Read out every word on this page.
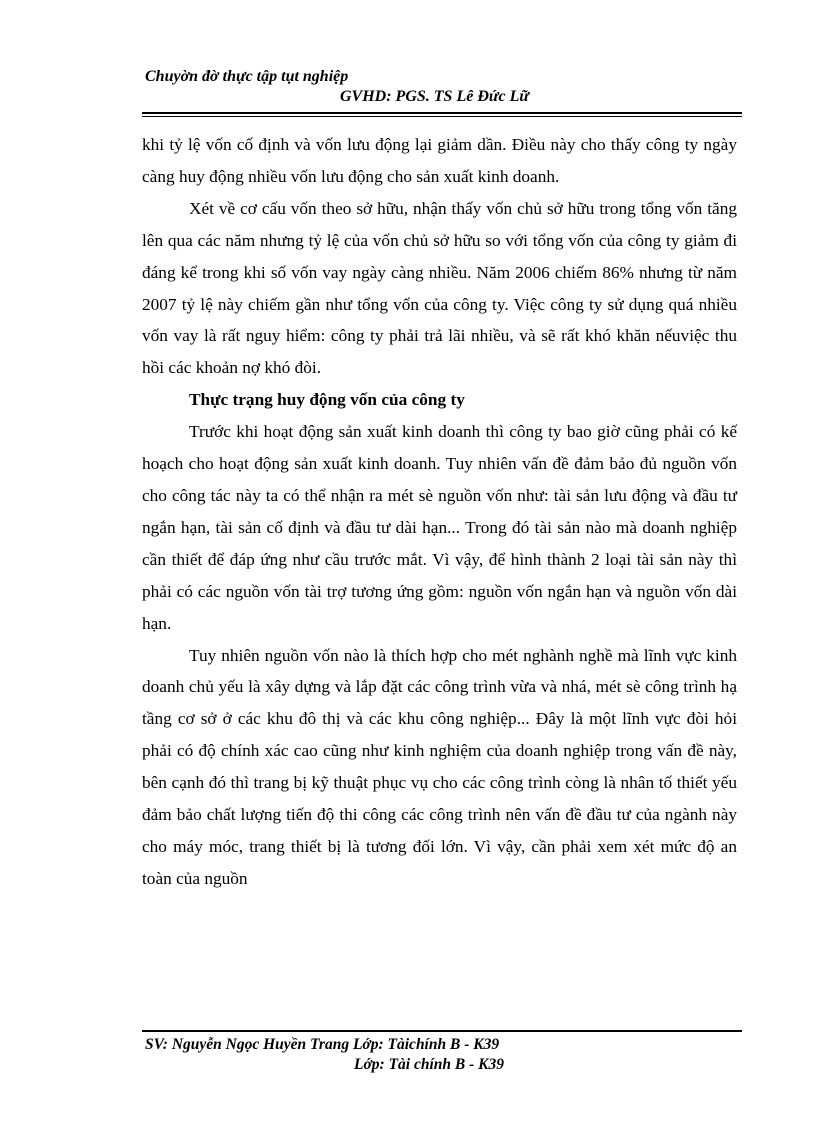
Chuyờn đờ thực tập tụt nghiệp
GVHD: PGS. TS Lê Đức Lữ

khi tỷ lệ vốn cố định và vốn lưu động lại giảm dần. Điều này cho thấy công ty ngày càng huy động nhiều vốn lưu động cho sản xuất kinh doanh.

Xét về cơ cấu vốn theo sở hữu, nhận thấy vốn chủ sở hữu trong tổng vốn tăng lên qua các năm nhưng tỷ lệ của vốn chủ sở hữu so với tổng vốn của công ty giảm đi đáng kể trong khi số vốn vay ngày càng nhiều. Năm 2006 chiếm 86% nhưng từ năm 2007 tỷ lệ này chiếm gần như tổng vốn của công ty. Việc công ty sử dụng quá nhiều vốn vay là rất nguy hiểm: công ty phải trả lãi nhiều, và sẽ rất khó khăn nếuviệc thu hồi các khoản nợ khó đòi.

Thực trạng huy động vốn của công ty

Trước khi hoạt động sản xuất kinh doanh thì công ty bao giờ cũng phải có kế hoạch cho hoạt động sản xuất kinh doanh. Tuy nhiên vấn đề đảm bảo đủ nguồn vốn cho công tác này ta có thể nhận ra mét sè nguồn vốn như: tài sản lưu động và đầu tư ngắn hạn, tài sản cố định và đầu tư dài hạn... Trong đó tài sản nào mà doanh nghiệp cần thiết để đáp ứng như cầu trước mắt. Vì vậy, để hình thành 2 loại tài sản này thì phải có các nguồn vốn tài trợ tương ứng gồm: nguồn vốn ngắn hạn và nguồn vốn dài hạn.

Tuy nhiên nguồn vốn nào là thích hợp cho mét nghành nghề mà lĩnh vực kinh doanh chủ yếu là xây dựng và lắp đặt các công trình vừa và nhá, mét sè công trình hạ tầng cơ sở ở các khu đô thị và các khu công nghiệp... Đây là một lĩnh vực đòi hỏi phải có độ chính xác cao cũng như kinh nghiệm của doanh nghiệp trong vấn đề này, bên cạnh đó thì trang bị kỹ thuật phục vụ cho các công trình còng là nhân tố thiết yếu đảm bảo chất lượng tiến độ thi công các công trình nên vấn đề đầu tư của ngành này cho máy móc, trang thiết bị là tương đối lớn. Vì vậy, cần phải xem xét mức độ an toàn của nguồn

SV: Nguyễn Ngọc Huyền Trang Lớp: Tàichính B - K39
Lớp: Tài chính B - K39
